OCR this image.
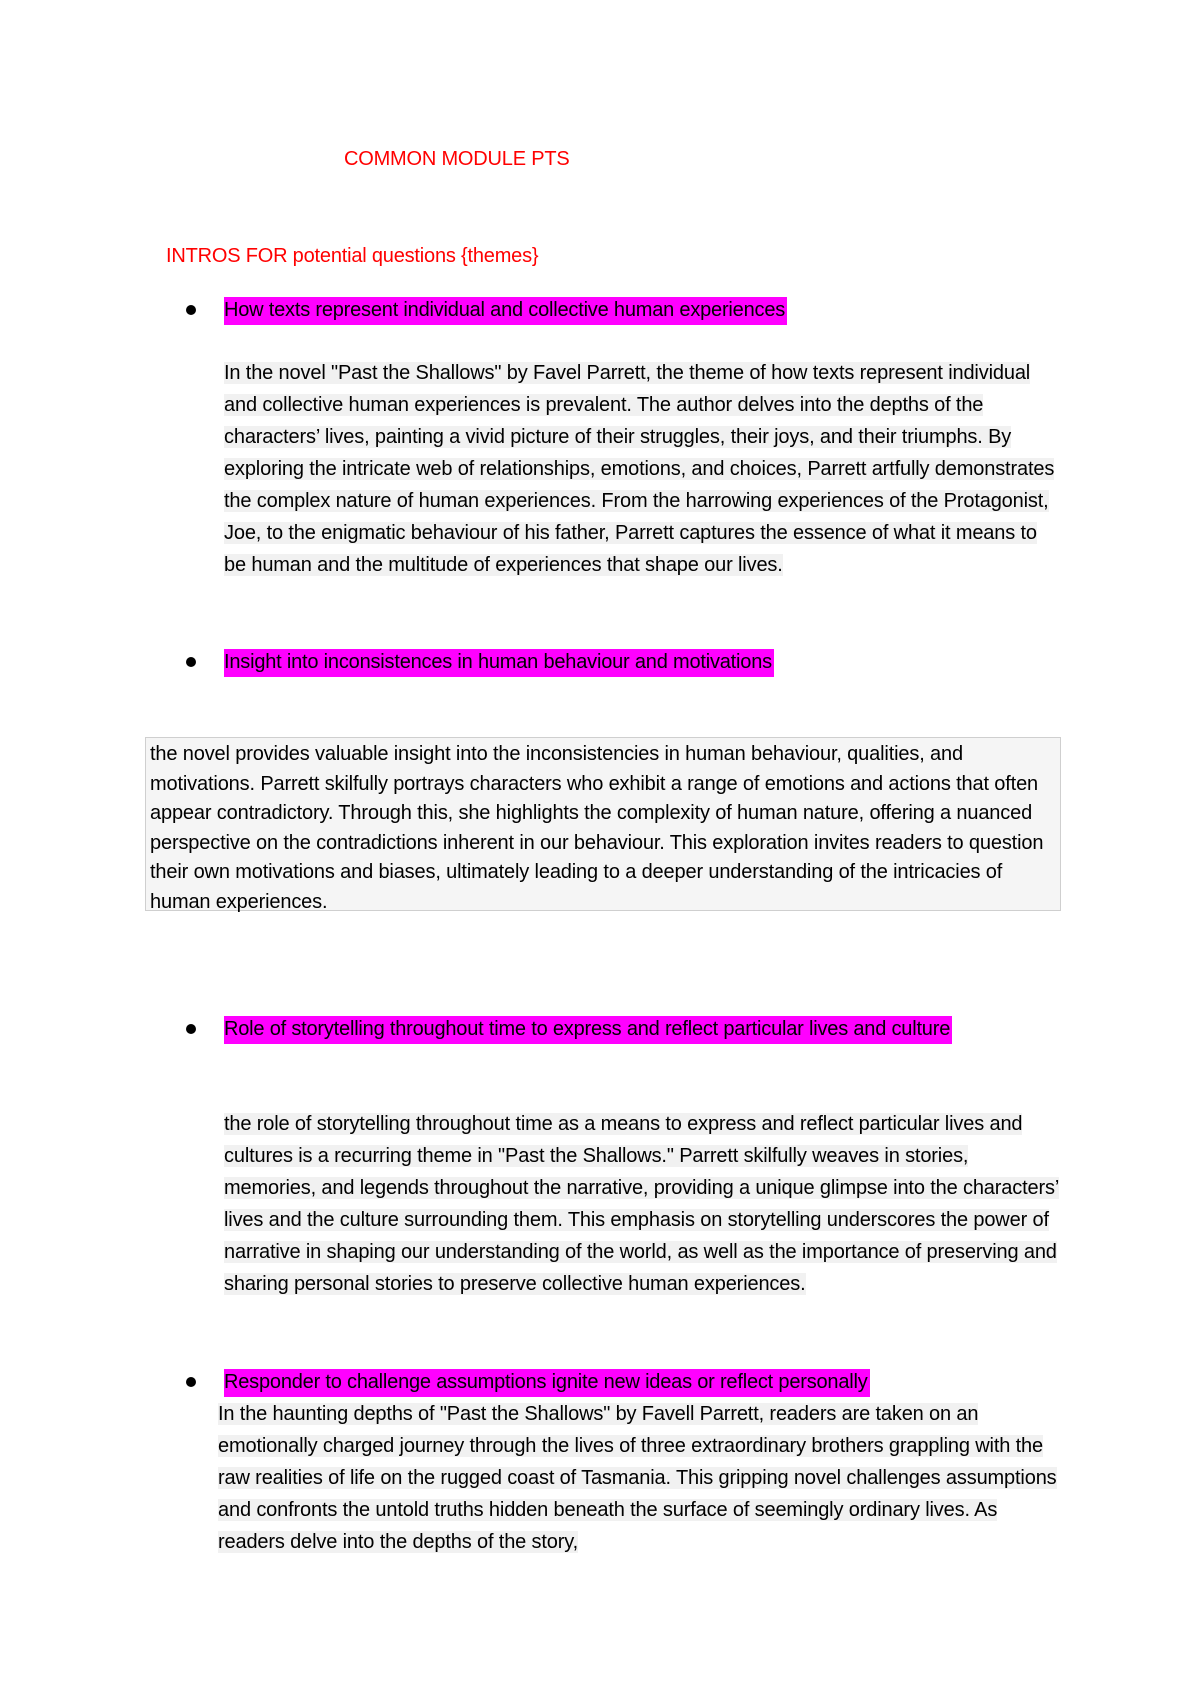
COMMON MODULE PTS
INTROS FOR potential questions {themes}
How texts represent individual and collective human experiences
In the novel "Past the Shallows" by Favel Parrett, the theme of how texts represent individual and collective human experiences is prevalent. The author delves into the depths of the characters’ lives, painting a vivid picture of their struggles, their joys, and their triumphs. By exploring the intricate web of relationships, emotions, and choices, Parrett artfully demonstrates the complex nature of human experiences. From the harrowing experiences of the Protagonist, Joe, to the enigmatic behaviour of his father, Parrett captures the essence of what it means to be human and the multitude of experiences that shape our lives.
Insight into inconsistences in human behaviour and motivations
the novel provides valuable insight into the inconsistencies in human behaviour, qualities, and motivations. Parrett skilfully portrays characters who exhibit a range of emotions and actions that often appear contradictory. Through this, she highlights the complexity of human nature, offering a nuanced perspective on the contradictions inherent in our behaviour. This exploration invites readers to question their own motivations and biases, ultimately leading to a deeper understanding of the intricacies of human experiences.
Role of storytelling throughout time to express and reflect particular lives and culture
the role of storytelling throughout time as a means to express and reflect particular lives and cultures is a recurring theme in "Past the Shallows." Parrett skilfully weaves in stories, memories, and legends throughout the narrative, providing a unique glimpse into the characters’ lives and the culture surrounding them. This emphasis on storytelling underscores the power of narrative in shaping our understanding of the world, as well as the importance of preserving and sharing personal stories to preserve collective human experiences.
Responder to challenge assumptions ignite new ideas or reflect personally
In the haunting depths of "Past the Shallows" by Favell Parrett, readers are taken on an emotionally charged journey through the lives of three extraordinary brothers grappling with the raw realities of life on the rugged coast of Tasmania. This gripping novel challenges assumptions and confronts the untold truths hidden beneath the surface of seemingly ordinary lives. As readers delve into the depths of the story,
